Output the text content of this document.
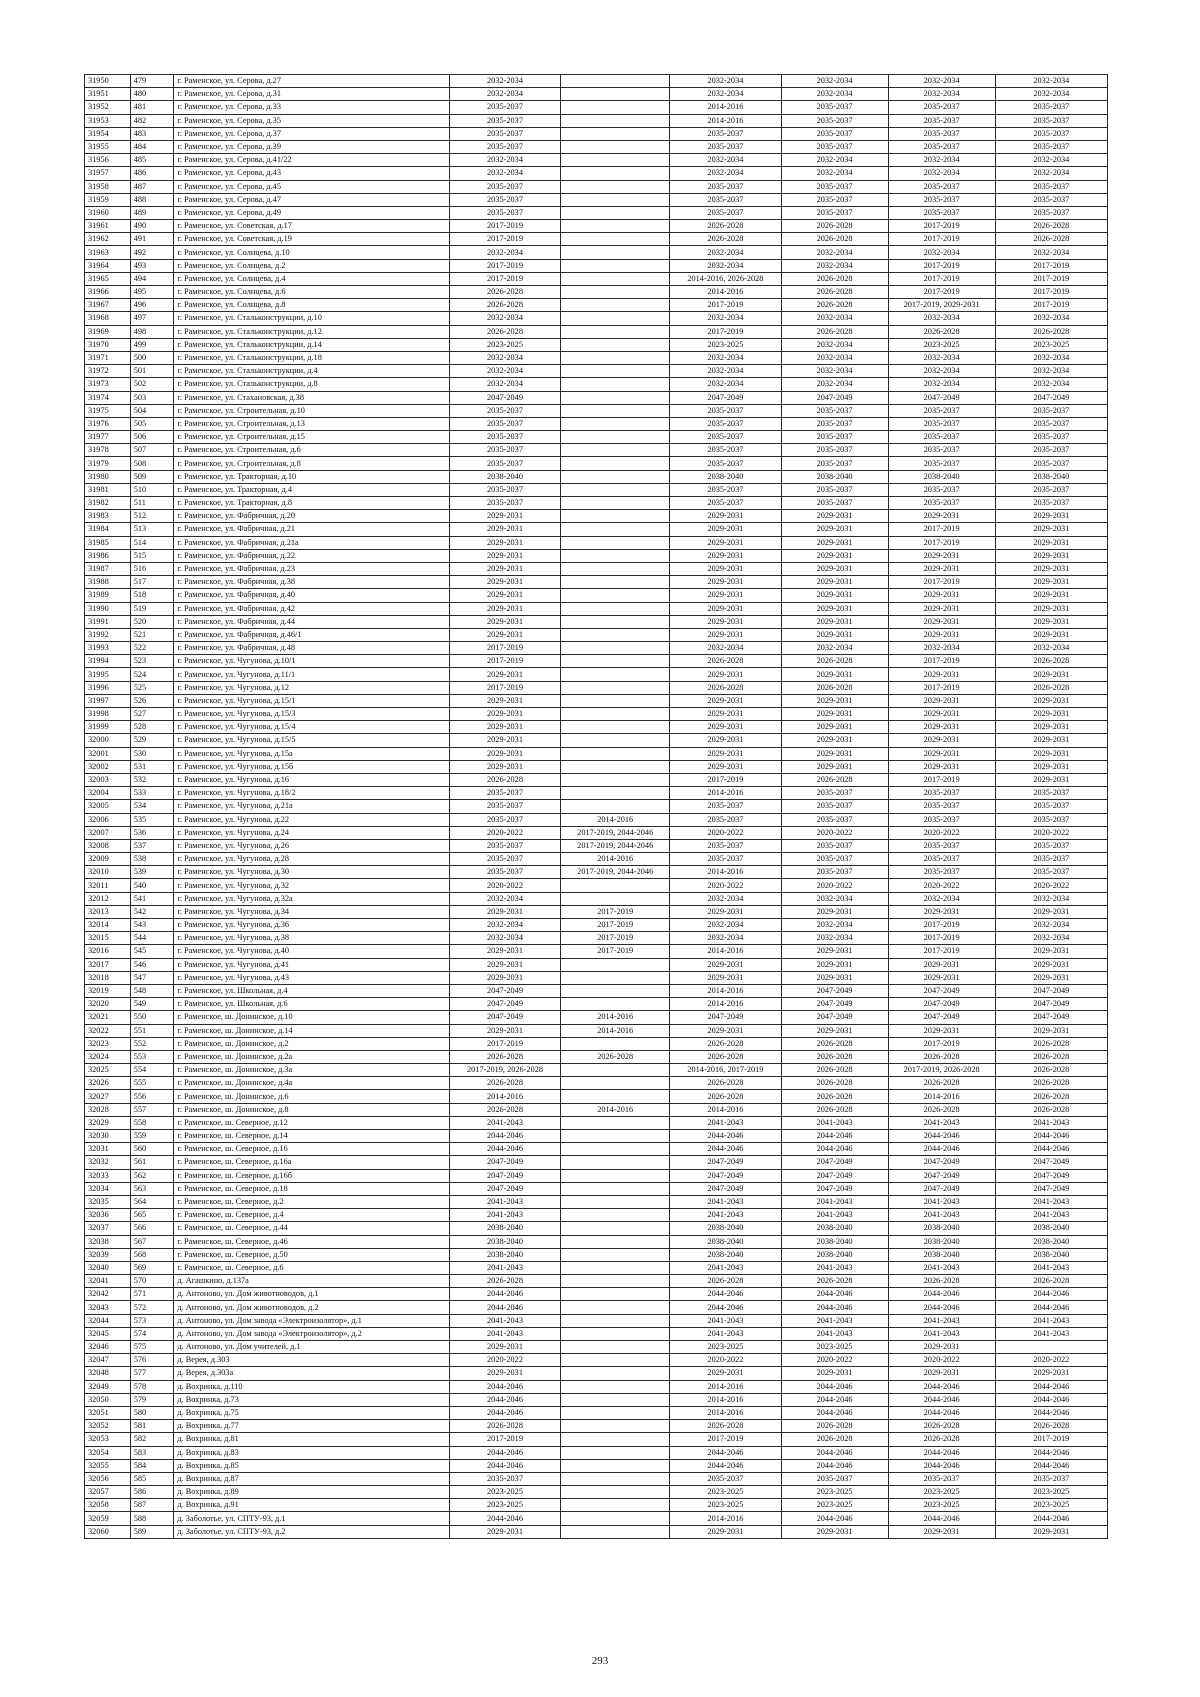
31950	479	г. Раменское, ул. Серова, д.27	2032-2034		2032-2034	2032-2034	2032-2034	2032-2034
31951	480	г. Раменское, ул. Серова, д.31	2032-2034		2032-2034	2032-2034	2032-2034	2032-2034
31952	481	г. Раменское, ул. Серова, д.33	2035-2037		2014-2016	2035-2037	2035-2037	2035-2037
31953	482	г. Раменское, ул. Серова, д.35	2035-2037		2014-2016	2035-2037	2035-2037	2035-2037
31954	483	г. Раменское, ул. Серова, д.37	2035-2037		2035-2037	2035-2037	2035-2037	2035-2037
31955	484	г. Раменское, ул. Серова, д.39	2035-2037		2035-2037	2035-2037	2035-2037	2035-2037
31956	485	г. Раменское, ул. Серова, д.41/22	2032-2034		2032-2034	2032-2034	2032-2034	2032-2034
31957	486	г. Раменское, ул. Серова, д.43	2032-2034		2032-2034	2032-2034	2032-2034	2032-2034
31958	487	г. Раменское, ул. Серова, д.45	2035-2037		2035-2037	2035-2037	2035-2037	2035-2037
31959	488	г. Раменское, ул. Серова, д.47	2035-2037		2035-2037	2035-2037	2035-2037	2035-2037
31960	489	г. Раменское, ул. Серова, д.49	2035-2037		2035-2037	2035-2037	2035-2037	2035-2037
31961	490	г. Раменское, ул. Советская, д.17	2017-2019		2026-2028	2026-2028	2017-2019	2026-2028
31962	491	г. Раменское, ул. Советская, д.19	2017-2019		2026-2028	2026-2028	2017-2019	2026-2028
31963	492	г. Раменское, ул. Солнцева, д.10	2032-2034		2032-2034	2032-2034	2032-2034	2032-2034
31964	493	г. Раменское, ул. Солнцева, д.2	2017-2019		2032-2034	2032-2034	2017-2019	2017-2019
31965	494	г. Раменское, ул. Солнцева, д.4	2017-2019		2014-2016, 2026-2028	2026-2028	2017-2019	2017-2019
31966	495	г. Раменское, ул. Солнцева, д.6	2026-2028		2014-2016	2026-2028	2017-2019	2017-2019
31967	496	г. Раменское, ул. Солнцева, д.8	2026-2028		2017-2019	2026-2028	2017-2019, 2029-2031	2017-2019
31968	497	г. Раменское, ул. Стальконструкции, д.10	2032-2034		2032-2034	2032-2034	2032-2034	2032-2034
31969	498	г. Раменское, ул. Стальконструкции, д.12	2026-2028		2017-2019	2026-2028	2026-2028	2026-2028
31970	499	г. Раменское, ул. Стальконструкции, д.14	2023-2025		2023-2025	2032-2034	2023-2025	2023-2025
31971	500	г. Раменское, ул. Стальконструкции, д.18	2032-2034		2032-2034	2032-2034	2032-2034	2032-2034
31972	501	г. Раменское, ул. Стальконструкции, д.4	2032-2034		2032-2034	2032-2034	2032-2034	2032-2034
31973	502	г. Раменское, ул. Стальконструкции, д.8	2032-2034		2032-2034	2032-2034	2032-2034	2032-2034
31974	503	г. Раменское, ул. Стахановская, д.38	2047-2049		2047-2049	2047-2049	2047-2049	2047-2049
31975	504	г. Раменское, ул. Строительная, д.10	2035-2037		2035-2037	2035-2037	2035-2037	2035-2037
31976	505	г. Раменское, ул. Строительная, д.13	2035-2037		2035-2037	2035-2037	2035-2037	2035-2037
31977	506	г. Раменское, ул. Строительная, д.15	2035-2037		2035-2037	2035-2037	2035-2037	2035-2037
31978	507	г. Раменское, ул. Строительная, д.6	2035-2037		2035-2037	2035-2037	2035-2037	2035-2037
31979	508	г. Раменское, ул. Строительная, д.8	2035-2037		2035-2037	2035-2037	2035-2037	2035-2037
31980	509	г. Раменское, ул. Тракторная, д.10	2038-2040		2038-2040	2038-2040	2038-2040	2038-2040
31981	510	г. Раменское, ул. Тракторная, д.4	2035-2037		2035-2037	2035-2037	2035-2037	2035-2037
31982	511	г. Раменское, ул. Тракторная, д.8	2035-2037		2035-2037	2035-2037	2035-2037	2035-2037
31983	512	г. Раменское, ул. Фабричная, д.20	2029-2031		2029-2031	2029-2031	2029-2031	2029-2031
31984	513	г. Раменское, ул. Фабричная, д.21	2029-2031		2029-2031	2029-2031	2017-2019	2029-2031
31985	514	г. Раменское, ул. Фабричная, д.21а	2029-2031		2029-2031	2029-2031	2017-2019	2029-2031
31986	515	г. Раменское, ул. Фабричная, д.22	2029-2031		2029-2031	2029-2031	2029-2031	2029-2031
31987	516	г. Раменское, ул. Фабричная, д.23	2029-2031		2029-2031	2029-2031	2029-2031	2029-2031
31988	517	г. Раменское, ул. Фабричная, д.38	2029-2031		2029-2031	2029-2031	2017-2019	2029-2031
31989	518	г. Раменское, ул. Фабричная, д.40	2029-2031		2029-2031	2029-2031	2029-2031	2029-2031
31990	519	г. Раменское, ул. Фабричная, д.42	2029-2031		2029-2031	2029-2031	2029-2031	2029-2031
31991	520	г. Раменское, ул. Фабричная, д.44	2029-2031		2029-2031	2029-2031	2029-2031	2029-2031
31992	521	г. Раменское, ул. Фабричная, д.46/1	2029-2031		2029-2031	2029-2031	2029-2031	2029-2031
31993	522	г. Раменское, ул. Фабричная, д.48	2017-2019		2032-2034	2032-2034	2032-2034	2032-2034
31994	523	г. Раменское, ул. Чугунова, д.10/1	2017-2019		2026-2028	2026-2028	2017-2019	2026-2028
31995	524	г. Раменское, ул. Чугунова, д.11/1	2029-2031		2029-2031	2029-2031	2029-2031	2029-2031
31996	525	г. Раменское, ул. Чугунова, д.12	2017-2019		2026-2028	2026-2028	2017-2019	2026-2028
31997	526	г. Раменское, ул. Чугунова, д.15/1	2029-2031		2029-2031	2029-2031	2029-2031	2029-2031
31998	527	г. Раменское, ул. Чугунова, д.15/3	2029-2031		2029-2031	2029-2031	2029-2031	2029-2031
31999	528	г. Раменское, ул. Чугунова, д.15/4	2029-2031		2029-2031	2029-2031	2029-2031	2029-2031
32000	529	г. Раменское, ул. Чугунова, д.15/5	2029-2031		2029-2031	2029-2031	2029-2031	2029-2031
32001	530	г. Раменское, ул. Чугунова, д.15а	2029-2031		2029-2031	2029-2031	2029-2031	2029-2031
32002	531	г. Раменское, ул. Чугунова, д.15б	2029-2031		2029-2031	2029-2031	2029-2031	2029-2031
32003	532	г. Раменское, ул. Чугунова, д.16	2026-2028		2017-2019	2026-2028	2017-2019	2029-2031
32004	533	г. Раменское, ул. Чугунова, д.18/2	2035-2037		2014-2016	2035-2037	2035-2037	2035-2037
32005	534	г. Раменское, ул. Чугунова, д.21а	2035-2037		2035-2037	2035-2037	2035-2037	2035-2037
32006	535	г. Раменское, ул. Чугунова, д.22	2035-2037	2014-2016	2035-2037	2035-2037	2035-2037	2035-2037
32007	536	г. Раменское, ул. Чугунова, д.24	2020-2022	2017-2019, 2044-2046	2020-2022	2020-2022	2020-2022	2020-2022
32008	537	г. Раменское, ул. Чугунова, д.26	2035-2037	2017-2019, 2044-2046	2035-2037	2035-2037	2035-2037	2035-2037
32009	538	г. Раменское, ул. Чугунова, д.28	2035-2037	2014-2016	2035-2037	2035-2037	2035-2037	2035-2037
32010	539	г. Раменское, ул. Чугунова, д.30	2035-2037	2017-2019, 2044-2046	2014-2016	2035-2037	2035-2037	2035-2037
32011	540	г. Раменское, ул. Чугунова, д.32	2020-2022		2020-2022	2020-2022	2020-2022	2020-2022
32012	541	г. Раменское, ул. Чугунова, д.32а	2032-2034		2032-2034	2032-2034	2032-2034	2032-2034
32013	542	г. Раменское, ул. Чугунова, д.34	2029-2031	2017-2019	2029-2031	2029-2031	2029-2031	2029-2031
32014	543	г. Раменское, ул. Чугунова, д.36	2032-2034	2017-2019	2032-2034	2032-2034	2017-2019	2032-2034
32015	544	г. Раменское, ул. Чугунова, д.38	2032-2034	2017-2019	2032-2034	2032-2034	2017-2019	2032-2034
32016	545	г. Раменское, ул. Чугунова, д.40	2029-2031	2017-2019	2014-2016	2029-2031	2017-2019	2029-2031
32017	546	г. Раменское, ул. Чугунова, д.41	2029-2031		2029-2031	2029-2031	2029-2031	2029-2031
32018	547	г. Раменское, ул. Чугунова, д.43	2029-2031		2029-2031	2029-2031	2029-2031	2029-2031
32019	548	г. Раменское, ул. Школьная, д.4	2047-2049		2014-2016	2047-2049	2047-2049	2047-2049
32020	549	г. Раменское, ул. Школьная, д.6	2047-2049		2014-2016	2047-2049	2047-2049	2047-2049
32021	550	г. Раменское, ш. Донинское, д.10	2047-2049	2014-2016	2047-2049	2047-2049	2047-2049	2047-2049
32022	551	г. Раменское, ш. Донинское, д.14	2029-2031	2014-2016	2029-2031	2029-2031	2029-2031	2029-2031
32023	552	г. Раменское, ш. Донинское, д.2	2017-2019		2026-2028	2026-2028	2017-2019	2026-2028
32024	553	г. Раменское, ш. Донинское, д.2а	2026-2028	2026-2028	2026-2028	2026-2028	2026-2028	2026-2028
32025	554	г. Раменское, ш. Донинское, д.3а	2017-2019, 2026-2028		2014-2016, 2017-2019	2026-2028	2017-2019, 2026-2028	2026-2028
32026	555	г. Раменское, ш. Донинское, д.4а	2026-2028		2026-2028	2026-2028	2026-2028	2026-2028
32027	556	г. Раменское, ш. Донинское, д.6	2014-2016		2026-2028	2026-2028	2014-2016	2026-2028
32028	557	г. Раменское, ш. Донинское, д.8	2026-2028	2014-2016	2014-2016	2026-2028	2026-2028	2026-2028
32029	558	г. Раменское, ш. Северное, д.12	2041-2043		2041-2043	2041-2043	2041-2043	2041-2043
32030	559	г. Раменское, ш. Северное, д.14	2044-2046		2044-2046	2044-2046	2044-2046	2044-2046
32031	560	г. Раменское, ш. Северное, д.16	2044-2046		2044-2046	2044-2046	2044-2046	2044-2046
32032	561	г. Раменское, ш. Северное, д.16а	2047-2049		2047-2049	2047-2049	2047-2049	2047-2049
32033	562	г. Раменское, ш. Северное, д.16б	2047-2049		2047-2049	2047-2049	2047-2049	2047-2049
32034	563	г. Раменское, ш. Северное, д.18	2047-2049		2047-2049	2047-2049	2047-2049	2047-2049
32035	564	г. Раменское, ш. Северное, д.2	2041-2043		2041-2043	2041-2043	2041-2043	2041-2043
32036	565	г. Раменское, ш. Северное, д.4	2041-2043		2041-2043	2041-2043	2041-2043	2041-2043
32037	566	г. Раменское, ш. Северное, д.44	2038-2040		2038-2040	2038-2040	2038-2040	2038-2040
32038	567	г. Раменское, ш. Северное, д.46	2038-2040		2038-2040	2038-2040	2038-2040	2038-2040
32039	568	г. Раменское, ш. Северное, д.50	2038-2040		2038-2040	2038-2040	2038-2040	2038-2040
32040	569	г. Раменское, ш. Северное, д.6	2041-2043		2041-2043	2041-2043	2041-2043	2041-2043
32041	570	д. Агашкино, д.137а	2026-2028		2026-2028	2026-2028	2026-2028	2026-2028
32042	571	д. Антоново, ул. Дом животноводов, д.1	2044-2046		2044-2046	2044-2046	2044-2046	2044-2046
32043	572	д. Антоново, ул. Дом животноводов, д.2	2044-2046		2044-2046	2044-2046	2044-2046	2044-2046
32044	573	д. Антоново, ул. Дом завода «Электроизолятор», д.1	2041-2043		2041-2043	2041-2043	2041-2043	2041-2043
32045	574	д. Антоново, ул. Дом завода «Электроизолятор», д.2	2041-2043		2041-2043	2041-2043	2041-2043	2041-2043
32046	575	д. Антоново, ул. Дом учителей, д.1	2029-2031		2023-2025	2023-2025	2029-2031	
32047	576	д. Верея, д.303	2020-2022		2020-2022	2020-2022	2020-2022	2020-2022
32048	577	д. Верея, д.303а	2029-2031		2029-2031	2029-2031	2029-2031	2029-2031
32049	578	д. Вохринка, д.110	2044-2046		2014-2016	2044-2046	2044-2046	2044-2046
32050	579	д. Вохринка, д.73	2044-2046		2014-2016	2044-2046	2044-2046	2044-2046
32051	580	д. Вохринка, д.75	2044-2046		2014-2016	2044-2046	2044-2046	2044-2046
32052	581	д. Вохринка, д.77	2026-2028		2026-2028	2026-2028	2026-2028	2026-2028
32053	582	д. Вохринка, д.81	2017-2019		2017-2019	2026-2028	2026-2028	2017-2019
32054	583	д. Вохринка, д.83	2044-2046		2044-2046	2044-2046	2044-2046	2044-2046
32055	584	д. Вохринка, д.85	2044-2046		2044-2046	2044-2046	2044-2046	2044-2046
32056	585	д. Вохринка, д.87	2035-2037		2035-2037	2035-2037	2035-2037	2035-2037
32057	586	д. Вохринка, д.89	2023-2025		2023-2025	2023-2025	2023-2025	2023-2025
32058	587	д. Вохринка, д.91	2023-2025		2023-2025	2023-2025	2023-2025	2023-2025
32059	588	д. Заболотье, ул. СПТУ-93, д.1	2044-2046		2014-2016	2044-2046	2044-2046	2044-2046
32060	589	д. Заболотье, ул. СПТУ-93, д.2	2029-2031		2029-2031	2029-2031	2029-2031	2029-2031
293
